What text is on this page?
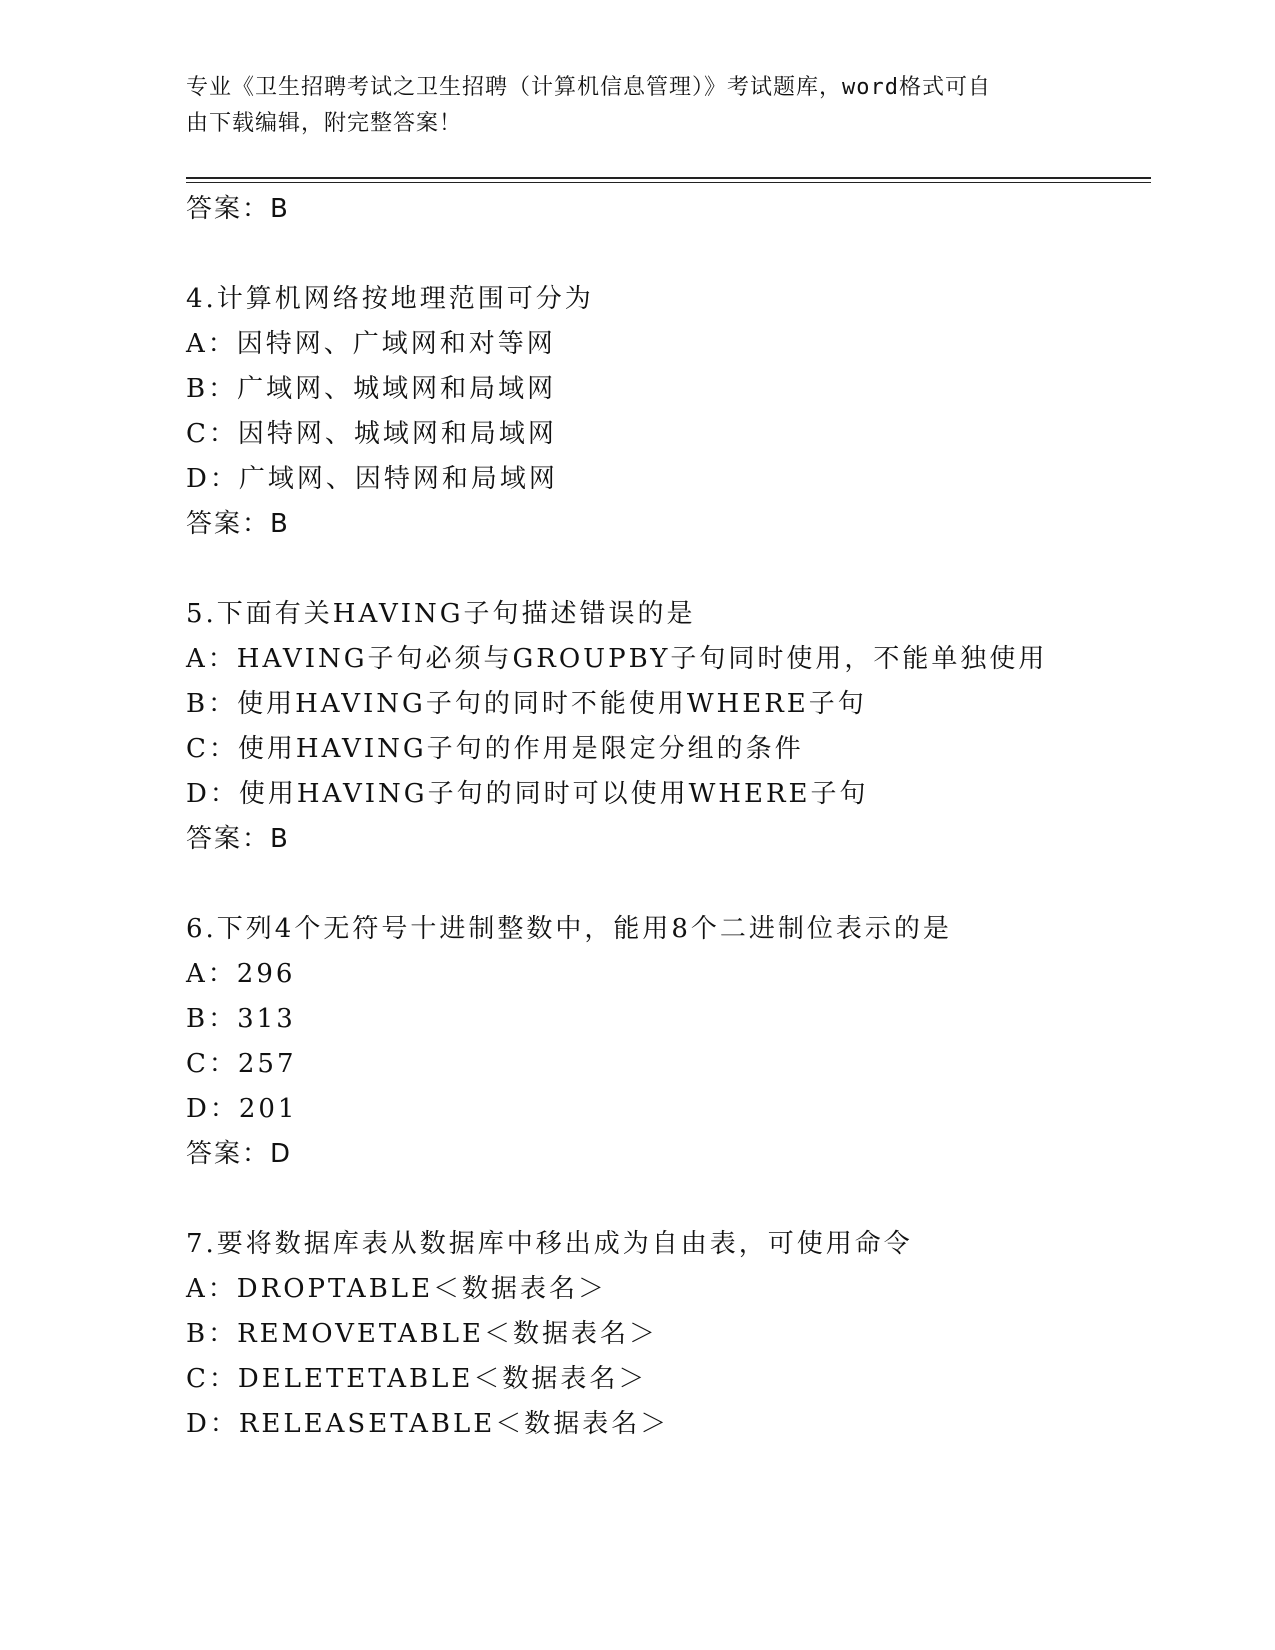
专业《卫生招聘考试之卫生招聘（计算机信息管理）》考试题库，word格式可自
由下载编辑，附完整答案！
答案：B
4.计算机网络按地理范围可分为
A：因特网、广域网和对等网
B：广域网、城域网和局域网
C：因特网、城域网和局域网
D：广域网、因特网和局域网
答案：B
5.下面有关HAVING子句描述错误的是
A：HAVING子句必须与GROUPBY子句同时使用，不能单独使用
B：使用HAVING子句的同时不能使用WHERE子句
C：使用HAVING子句的作用是限定分组的条件
D：使用HAVING子句的同时可以使用WHERE子句
答案：B
6.下列4个无符号十进制整数中，能用8个二进制位表示的是
A：296
B：313
C：257
D：201
答案：D
7.要将数据库表从数据库中移出成为自由表，可使用命令
A：DROPTABLE＜数据表名＞
B：REMOVETABLE＜数据表名＞
C：DELETETABLE＜数据表名＞
D：RELEASETABLE＜数据表名＞
